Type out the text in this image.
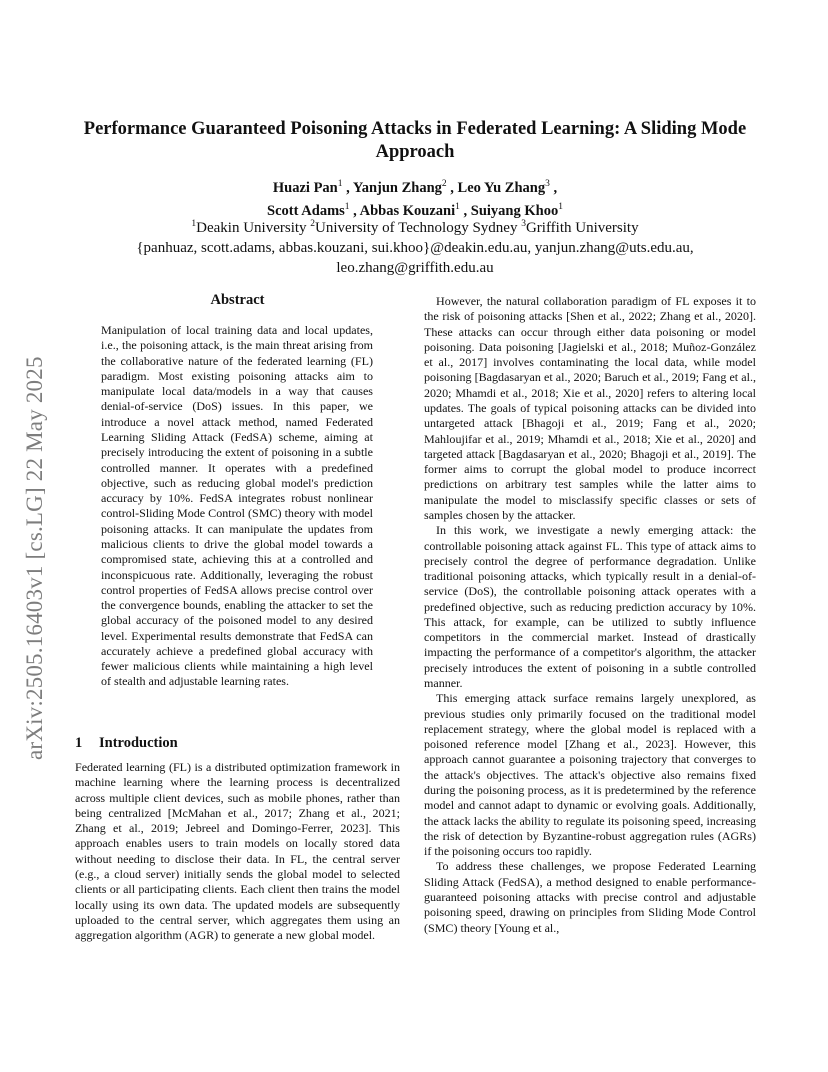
arXiv:2505.16403v1 [cs.LG] 22 May 2025
Performance Guaranteed Poisoning Attacks in Federated Learning: A Sliding Mode Approach
Huazi Pan$^1$ , Yanjun Zhang$^2$ , Leo Yu Zhang$^3$ ,
Scott Adams$^1$ , Abbas Kouzani$^1$ , Suiyang Khoo$^1$
$^1$Deakin University $^2$University of Technology Sydney $^3$Griffith University
{panhuaz, scott.adams, abbas.kouzani, sui.khoo}@deakin.edu.au, yanjun.zhang@uts.edu.au,
leo.zhang@griffith.edu.au
Abstract

Manipulation of local training data and local updates, i.e., the poisoning attack, is the main threat arising from the collaborative nature of the federated learning (FL) paradigm. Most existing poisoning attacks aim to manipulate local data/models in a way that causes denial-of-service (DoS) issues. In this paper, we introduce a novel attack method, named Federated Learning Sliding Attack (FedSA) scheme, aiming at precisely introducing the extent of poisoning in a subtle controlled manner. It operates with a predefined objective, such as reducing global model's prediction accuracy by 10%. FedSA integrates robust nonlinear control-Sliding Mode Control (SMC) theory with model poisoning attacks. It can manipulate the updates from malicious clients to drive the global model towards a compromised state, achieving this at a controlled and inconspicuous rate. Additionally, leveraging the robust control properties of FedSA allows precise control over the convergence bounds, enabling the attacker to set the global accuracy of the poisoned model to any desired level. Experimental results demonstrate that FedSA can accurately achieve a predefined global accuracy with fewer malicious clients while maintaining a high level of stealth and adjustable learning rates.

1 Introduction

Federated learning (FL) is a distributed optimization framework in machine learning where the learning process is decentralized across multiple client devices, such as mobile phones, rather than being centralized [McMahan et al., 2017; Zhang et al., 2021; Zhang et al., 2019; Jebreel and Domingo-Ferrer, 2023]. This approach enables users to train models on locally stored data without needing to disclose their data. In FL, the central server (e.g., a cloud server) initially sends the global model to selected clients or all participating clients. Each client then trains the model locally using its own data. The updated models are subsequently uploaded to the central server, which aggregates them using an aggregation algorithm (AGR) to generate a new global model.

However, the natural collaboration paradigm of FL exposes it to the risk of poisoning attacks [Shen et al., 2022; Zhang et al., 2020]. These attacks can occur through either data poisoning or model poisoning. Data poisoning [Jagielski et al., 2018; Muñoz-González et al., 2017] involves contaminating the local data, while model poisoning [Bagdasaryan et al., 2020; Baruch et al., 2019; Fang et al., 2020; Mhamdi et al., 2018; Xie et al., 2020] refers to altering local updates. The goals of typical poisoning attacks can be divided into untargeted attack [Bhagoji et al., 2019; Fang et al., 2020; Mahloujifar et al., 2019; Mhamdi et al., 2018; Xie et al., 2020] and targeted attack [Bagdasaryan et al., 2020; Bhagoji et al., 2019]. The former aims to corrupt the global model to produce incorrect predictions on arbitrary test samples while the latter aims to manipulate the model to misclassify specific classes or sets of samples chosen by the attacker.

In this work, we investigate a newly emerging attack: the controllable poisoning attack against FL. This type of attack aims to precisely control the degree of performance degradation. Unlike traditional poisoning attacks, which typically result in a denial-of-service (DoS), the controllable poisoning attack operates with a predefined objective, such as reducing prediction accuracy by 10%. This attack, for example, can be utilized to subtly influence competitors in the commercial market. Instead of drastically impacting the performance of a competitor's algorithm, the attacker precisely introduces the extent of poisoning in a subtle controlled manner.

This emerging attack surface remains largely unexplored, as previous studies only primarily focused on the traditional model replacement strategy, where the global model is replaced with a poisoned reference model [Zhang et al., 2023]. However, this approach cannot guarantee a poisoning trajectory that converges to the attack's objectives. The attack's objective also remains fixed during the poisoning process, as it is predetermined by the reference model and cannot adapt to dynamic or evolving goals. Additionally, the attack lacks the ability to regulate its poisoning speed, increasing the risk of detection by Byzantine-robust aggregation rules (AGRs) if the poisoning occurs too rapidly.

To address these challenges, we propose Federated Learning Sliding Attack (FedSA), a method designed to enable performance-guaranteed poisoning attacks with precise control and adjustable poisoning speed, drawing on principles from Sliding Mode Control (SMC) theory [Young et al.,
